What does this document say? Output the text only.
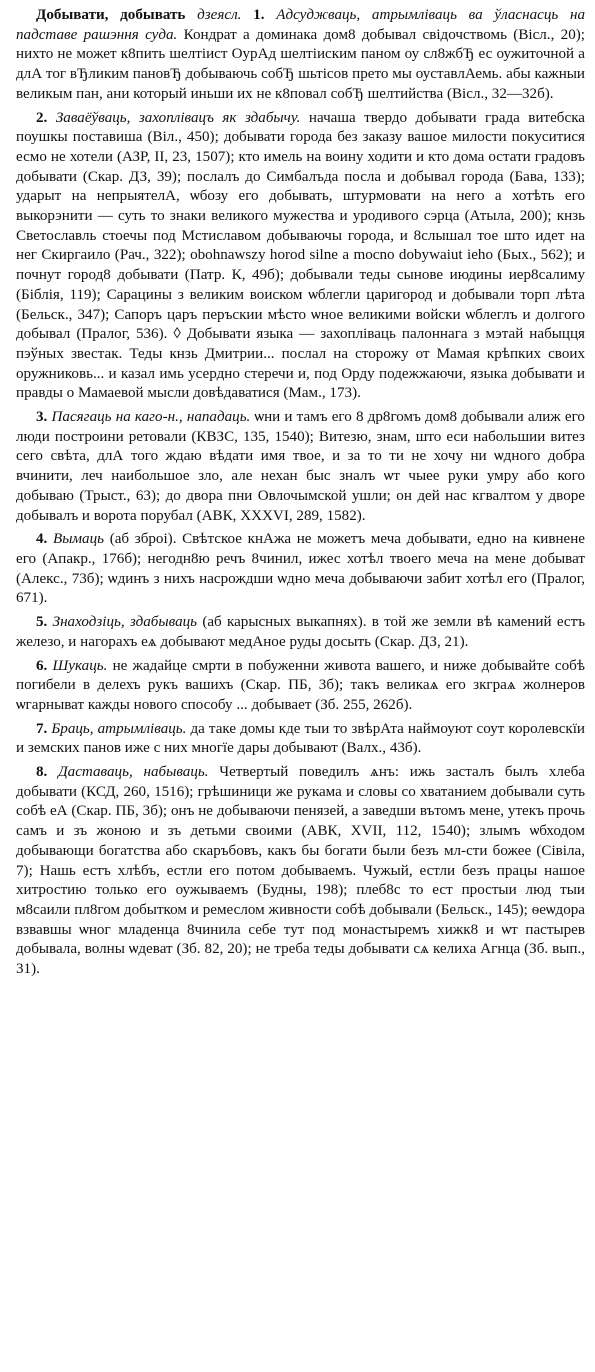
Добывати, добывать дзеясл. 1. Адсуджваць, атрымліваць ва ўласнасць на падставе рашэння суда. Кондрат а доминака дом8 добывал свідочствомь (Вісл., 20); нихто не может к8пить шелтіист ОурАд шелтіиским паном оу сл8жбЂ ес оужиточной а длА тог вЂликим пановЂ добываючь собЂ шьтісов прето мы оуставлАемь. абы кажныи великым пан, ани который иньши их не к8повал собЂ шелтийства (Вісл., 32—32б).

2. Заваёўваць, захоплівацъ як здабычу. начаша твердо добывати града витебска поушкы поставиша (Віл., 450); добывати города без заказу вашое милости покуситися есмо не хотели (АЗР, II, 23, 1507); кто имель на воину ходити и кто дома остати градовъ добывати (Скар. ДЗ, 39); послалъ до Симбалъда посла и добывал города (Бава, 133); ударыт на непрыятелА, ѡбозу его добывать, штурмовати на него а хотѣть его выкорэнити — суть то знаки великого мужества и уродивого сэрца (Атыла, 200); кнзь Светославль стоечы под Мстиславом добываючы города, и 8слышал тое што идет на нег Скиргаило (Рач., 322); obohnawszy horod silne a mocno dobywaiut ieho (Быx., 562); и почнут город8 добывати (Патр. К, 49б); добывали теды сынове июдины иер8салиму (Біблія, 119); Сарацины з великим воиском ѡблегли царигород и добывали торп лѣта (Бельск., 347); Сапоръ царъ перъскии мѣсто ѡное великими войски ѡблеглъ и долгого добывал (Пралог, 536). ◊ Добывати языка — захопліваць палоннага з мэтай набыцця пэўных звестак. Теды кнзь Дмитрии... послал на сторожу от Мамая крѣпких своих оружниковь... и казал имь усердно стеречи и, под Орду подежжаючи, языка добывати и правды о Мамаевой мысли довѣдаватися (Мам., 173).

3. Пасягаць на каго-н., нападаць. ѡни и тамъ его 8 др8гомъ дом8 добывали алиж его люди построини ретовали (КВЗС, 135, 1540); Витезю, знам, што еси набольшии витез сего свѣта, длА того ждаю вѣдати имя твое, и за то ти не хочу ни ѡдного добра вчинити, леч наибольшое зло, але нехан быс зналъ ѡт чыее руки умру або кого добываю (Трыст., 63); до двора пни Овлочымской ушли; он дей нас кгвалтом у дворе добывалъ и ворота порубал (АВК, XXXVI, 289, 1582).

4. Вымаць (аб зброі). Свѣтское кнАжа не можетъ меча добывати, едно на кивнене его (Апакр., 176б); негодн8ю речъ 8чинил, ижес хотѣл твоего меча на мене добыват (Алекс., 73б); ѡдинъ з нихъ насрождши ѡдно меча добываючи забит хотѣл его (Пралог, 671).

5. Знаходзіць, здабываць (аб карысных выкапнях). в той же земли вѣ камений естъ железо, и нагорахъ еѧ добывают медАное руды досыть (Скар. ДЗ, 21).

6. Шукаць. не жадайце смрти в побуженни живота вашего, и ниже добывайте собѣ погибели в делехъ рукъ вашихъ (Скар. ПБ, 3б); такъ великаѧ его зкграѧ жолнеров ѡгарныват кажды нового способу ... добывает (Зб. 255, 262б).

7. Браць, атрымліваць. да таке домы кде тыи то звѣрАта наймоуют соут королевскїи и земских панов иже с них многїе дары добывают (Валх., 43б).

8. Даставаць, набываць. Четвертый поведилъ ѧнъ: ижь засталъ былъ хлеба добывати (КСД, 260, 1516); грѣшиници же рукама и словы со хватанием добывали суть собѣ еА (Скар. ПБ, 3б); онъ не добываючи пенязей, а заведши вътомъ мене, утекъ прочь самъ и зъ жоною и зъ детьми своими (АВК, XVII, 112, 1540); злымъ ѡбходом добывающи богатства або скаръбовъ, какъ бы богати были безъ мл-сти божее (Сівіла, 7); Нашь естъ хлѣбъ, естли его потом добываемъ. Чужый, естли безъ працы нашое хитростию только его оужываемъ (Будны, 198); плеб8с то ест простыи люд тыи м8саили пл8гом добытком и ремеслом живности собѣ добывали (Бельск., 145); ѳеѡдора взвавшы ѡног младенца 8чинила себе тут под монастыремъ хижк8 и ѡт пастырев добывала, волны ѡдеват (Зб. 82, 20); не треба теды добывати сѧ келиха Агнца (Зб. вып., 31).
